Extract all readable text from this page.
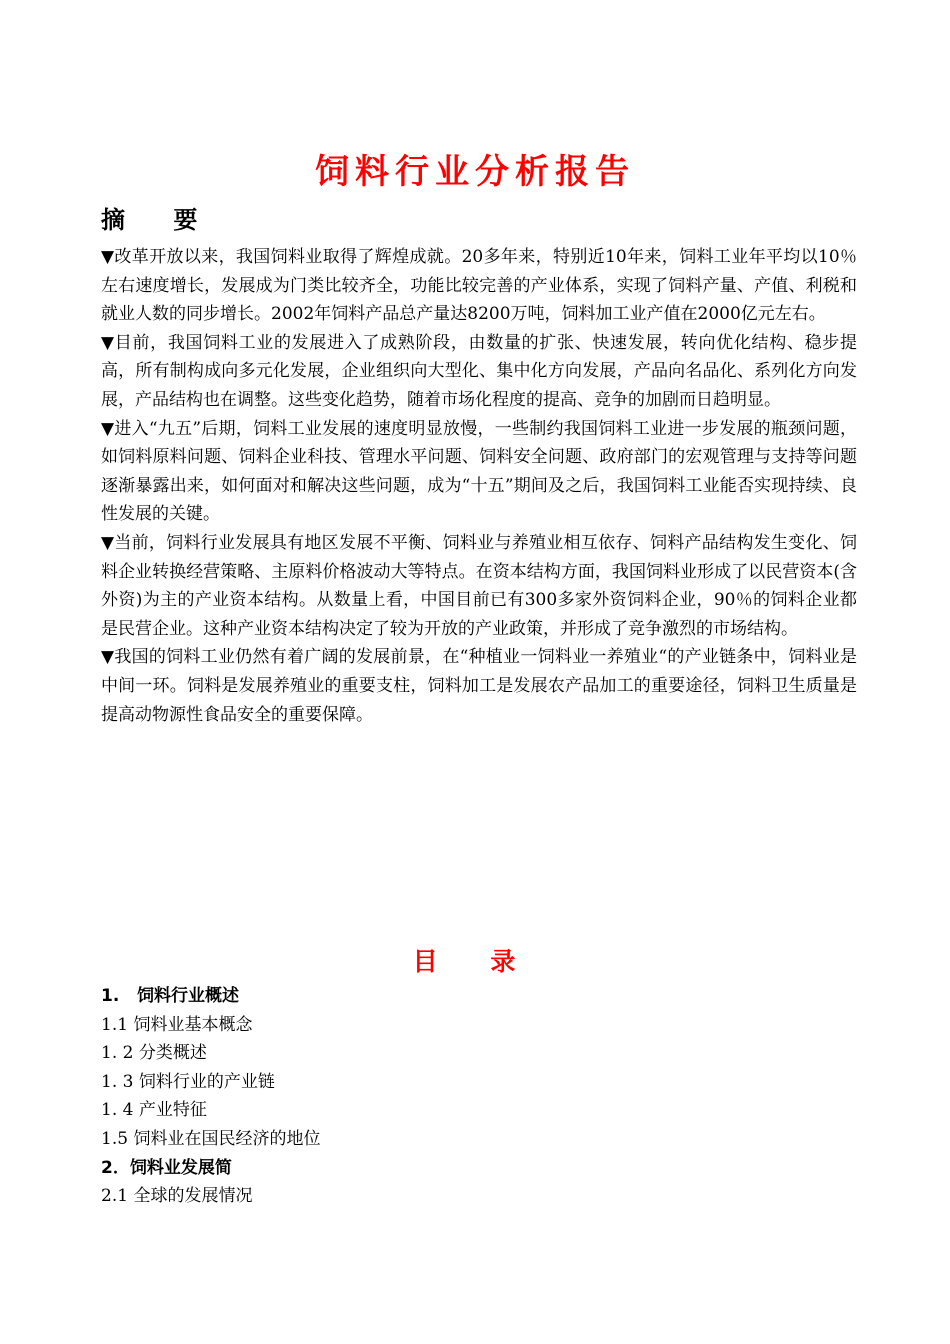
饲料行业分析报告
摘 要

▼改革开放以来，我国饲料业取得了辉煌成就。20多年来，特别近10年来，饲料工业年平均以10％左右速度增长，发展成为门类比较齐全，功能比较完善的产业体系，实现了饲料产量、产值、利税和就业人数的同步增长。2002年饲料产品总产量达8200万吨，饲料加工业产值在2000亿元左右。

▼目前，我国饲料工业的发展进入了成熟阶段，由数量的扩张、快速发展，转向优化结构、稳步提高，所有制构成向多元化发展，企业组织向大型化、集中化方向发展，产品向名品化、系列化方向发展，产品结构也在调整。这些变化趋势，随着市场化程度的提高、竞争的加剧而日趋明显。

▼进入“九五”后期，饲料工业发展的速度明显放慢，一些制约我国饲料工业进一步发展的瓶颈问题，如饲料原料问题、饲料企业科技、管理水平问题、饲料安全问题、政府部门的宏观管理与支持等问题逐渐暴露出来，如何面对和解决这些问题，成为“十五”期间及之后，我国饲料工业能否实现持续、良性发展的关键。

▼当前，饲料行业发展具有地区发展不平衡、饲料业与养殖业相互依存、饲料产品结构发生变化、饲料企业转换经营策略、主原料价格波动大等特点。在资本结构方面，我国饲料业形成了以民营资本(含外资)为主的产业资本结构。从数量上看，中国目前已有300多家外资饲料企业，90％的饲料企业都是民营企业。这种产业资本结构决定了较为开放的产业政策，并形成了竞争激烈的市场结构。

▼我国的饲料工业仍然有着广阔的发展前景，在“种植业一饲料业一养殖业“的产业链条中，饲料业是中间一环。饲料是发展养殖业的重要支柱，饲料加工是发展农产品加工的重要途径，饲料卫生质量是提高动物源性食品安全的重要保障。

目 录
1.   饲料行业概述
1.1 饲料业基本概念
1. 2 分类概述
1. 3 饲料行业的产业链
1. 4 产业特征
1.5 饲料业在国民经济的地位
2．饲料业发展简
2.1 全球的发展情况
